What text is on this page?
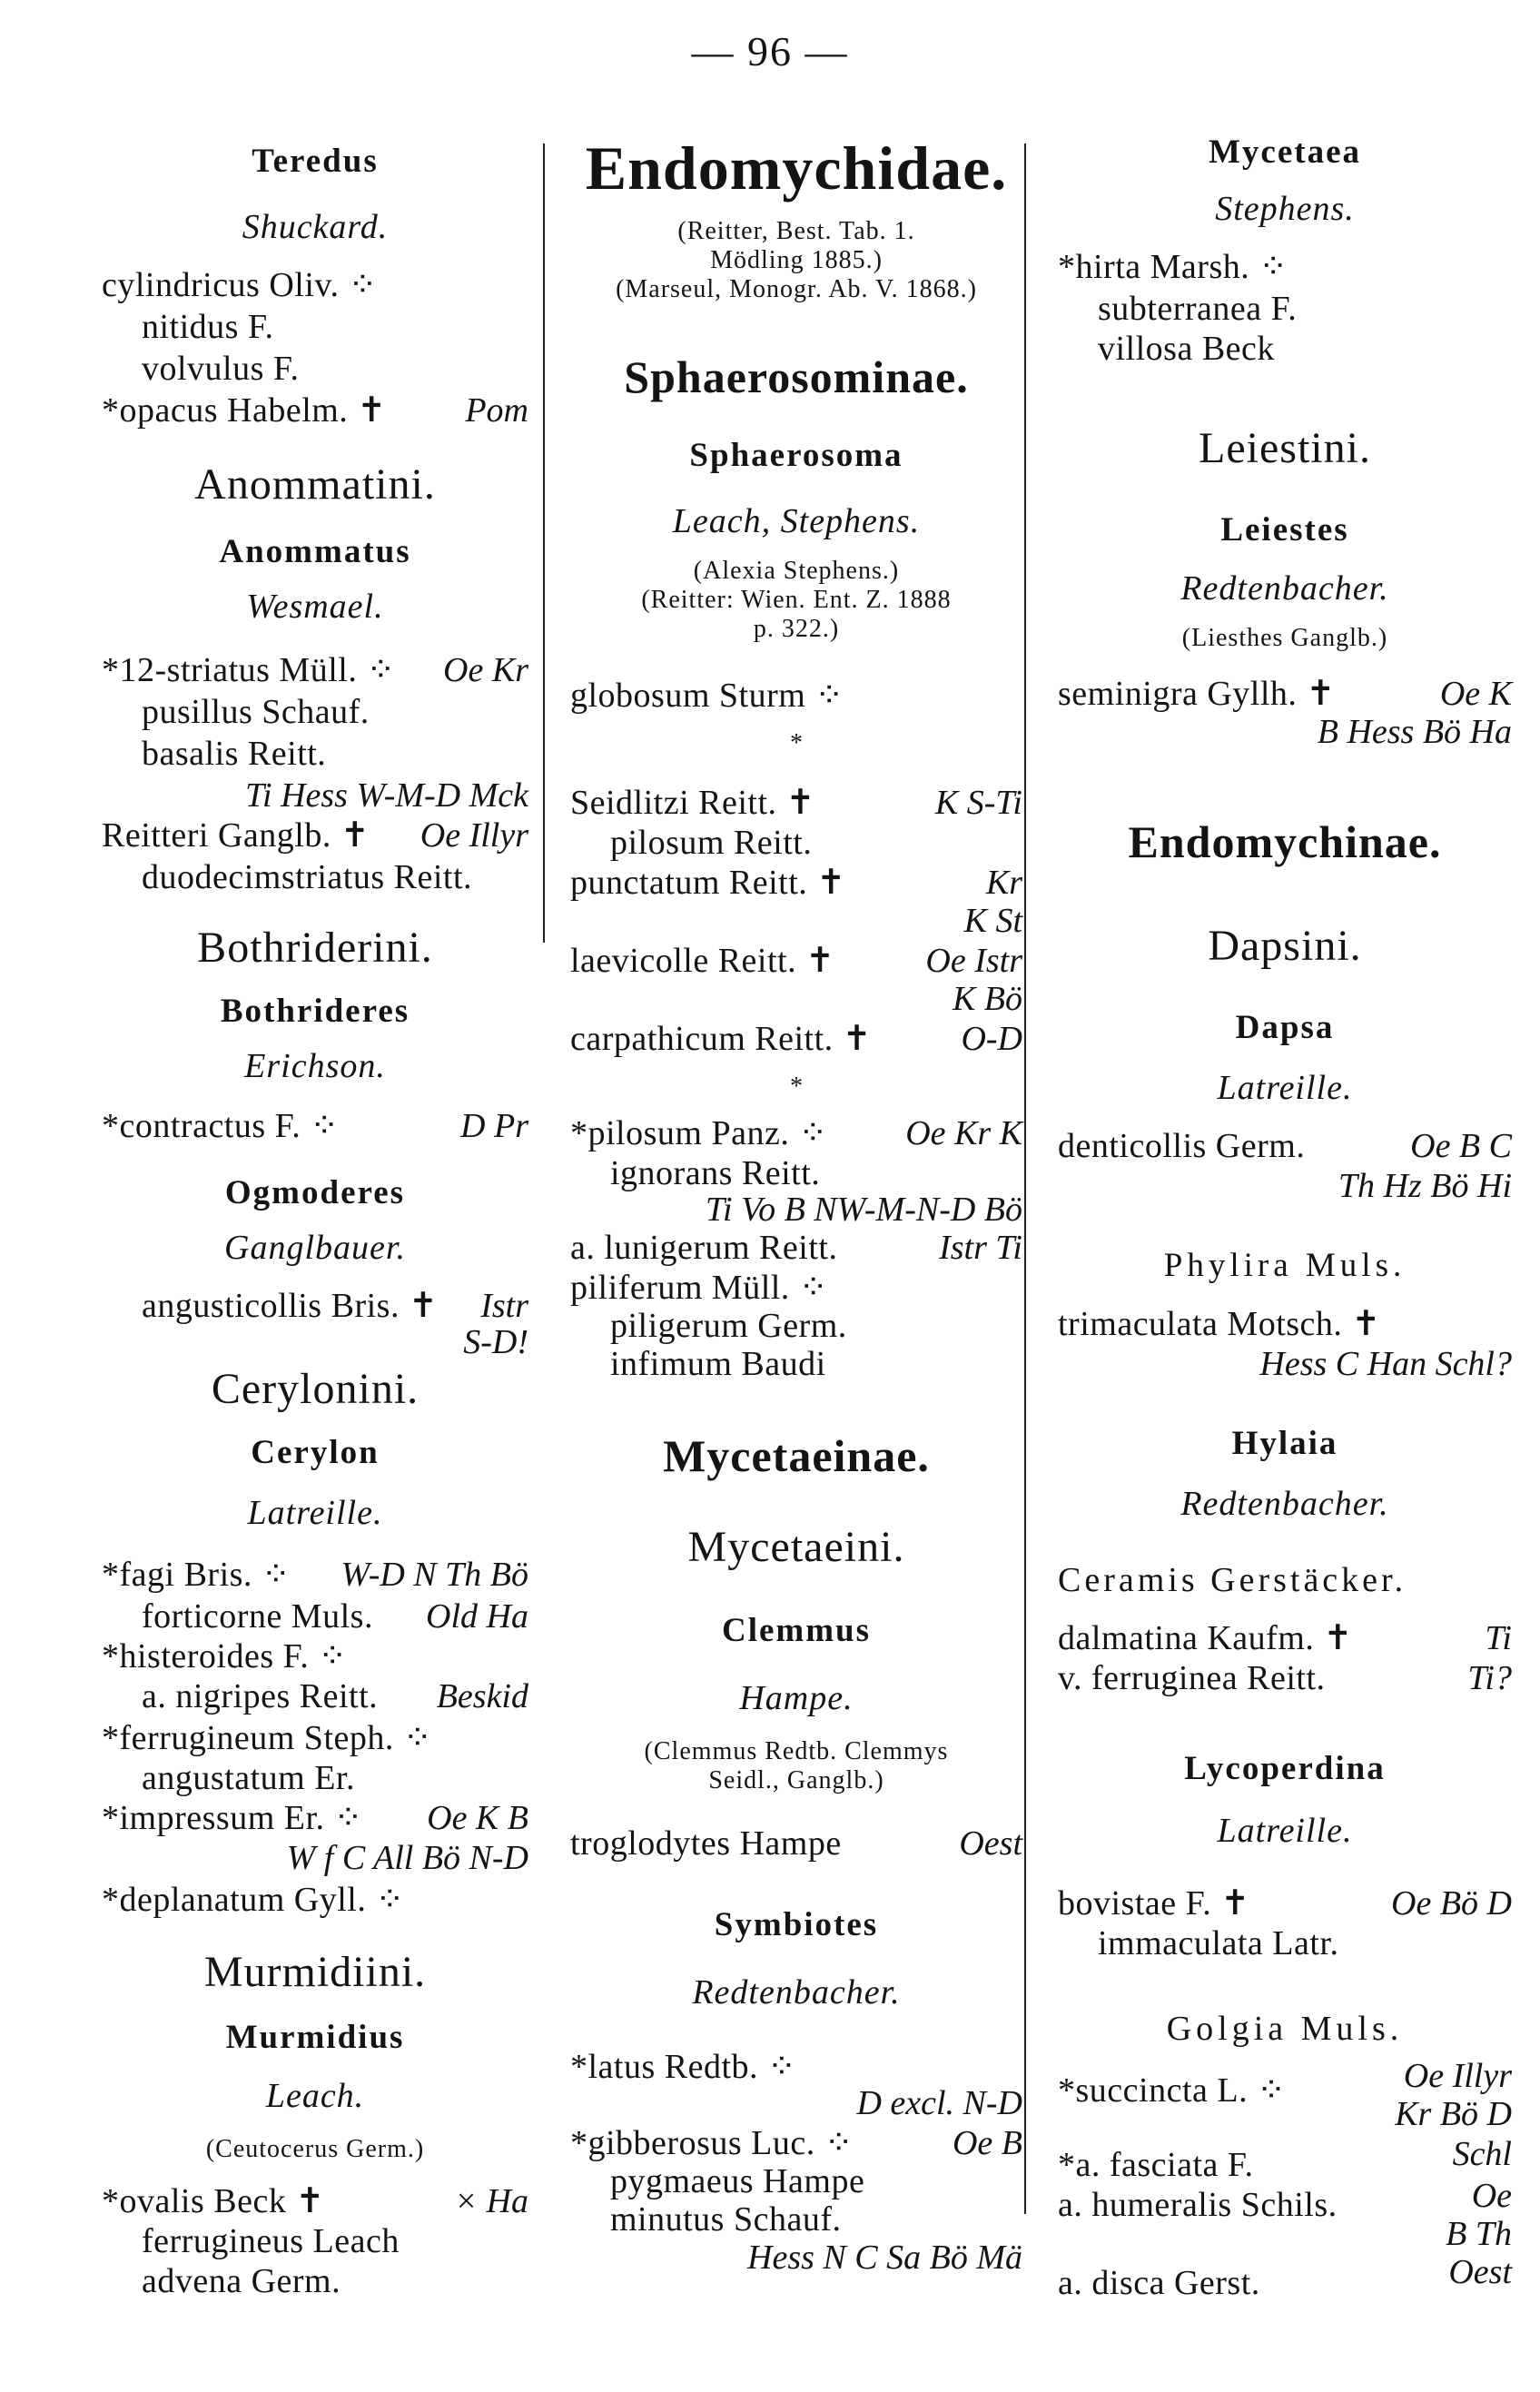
— 96 —
Teredus
Shuckard.
cylindricus Oliv. ⁘
nitidus F.
volvulus F.
*opacus Habelm. ✝	Pom
Anommatini.
Anommatus
Wesmael.
*12-striatus Müll. ⁘	Oe Kr
pusillus Schauf.
basalis Reitt.
Ti Hess W-M-D Mck
Reitteri Ganglb. ✝	Oe Illyr
duodecimstriatus Reitt.
Bothriderini.
Bothrideres
Erichson.
*contractus F. ⁘	D Pr
Ogmoderes
Ganglbauer.
angusticollis Bris. ✝	Istr
S-D!
Cerylonini.
Cerylon
Latreille.
*fagi Bris. ⁘	W-D N Th Bö
forticorne Muls.	Old Ha
*histeroides F. ⁘
a. nigripes Reitt.	Beskid
*ferrugineum Steph. ⁘
angustatum Er.
*impressum Er. ⁘	Oe K B
W f C All Bö N-D
*deplanatum Gyll. ⁘
Murmidiini.
Murmidius
Leach.
(Ceutocerus Germ.)
*ovalis Beck ✝	× Ha
ferrugineus Leach
advena Germ.
Endomychidae.
(Reitter, Best. Tab. 1.
Mödling 1885.)
(Marseul, Monogr. Ab. V. 1868.)
Sphaerosominae.
Sphaerosoma
Leach, Stephens.
(Alexia Stephens.)
(Reitter: Wien. Ent. Z. 1888
p. 322.)
globosum Sturm ⁘
*
Seidlitzi Reitt. ✝	K S-Ti
pilosum Reitt.
punctatum Reitt. ✝	Kr
K St
laevicolle Reitt. ✝	Oe Istr
K Bö
carpathicum Reitt. ✝	O-D
*
*pilosum Panz. ⁘	Oe Kr K
ignorans Reitt.
Ti Vo B NW-M-N-D Bö
a. lunigerum Reitt.	Istr Ti
piliferum Müll. ⁘
piligerum Germ.
infimum Baudi
Mycetaeinae.
Mycetaeini.
Clemmus
Hampe.
(Clemmus Redtb. Clemmys
Seidl., Ganglb.)
troglodytes Hampe	Oest
Symbiotes
Redtenbacher.
*latus Redtb. ⁘
D excl. N-D
*gibberosus Luc. ⁘	Oe B
pygmaeus Hampe
minutus Schauf.
Hess N C Sa Bö Mä
Mycetaea
Stephens.
*hirta Marsh. ⁘
subterranea F.
villosa Beck
Leiestini.
Leiestes
Redtenbacher.
(Liesthes Ganglb.)
seminigra Gyllh. ✝	Oe K
B Hess Bö Ha
Endomychinae.
Dapsini.
Dapsa
Latreille.
denticollis Germ.	Oe B C
Th Hz Bö Hi
Phylira Muls.
trimaculata Motsch. ✝
Hess C Han Schl?
Hylaia
Redtenbacher.
Ceramis Gerstäcker.
dalmatina Kaufm. ✝	Ti
v. ferruginea Reitt.	Ti?
Lycoperdina
Latreille.
bovistae F. ✝	Oe Bö D
immaculata Latr.
Golgia Muls.
*succincta L. ⁘	Oe Illyr
Kr Bö D
*a. fasciata F.	Schl
a. humeralis Schils.	Oe
B Th
a. disca Gerst.	Oest
